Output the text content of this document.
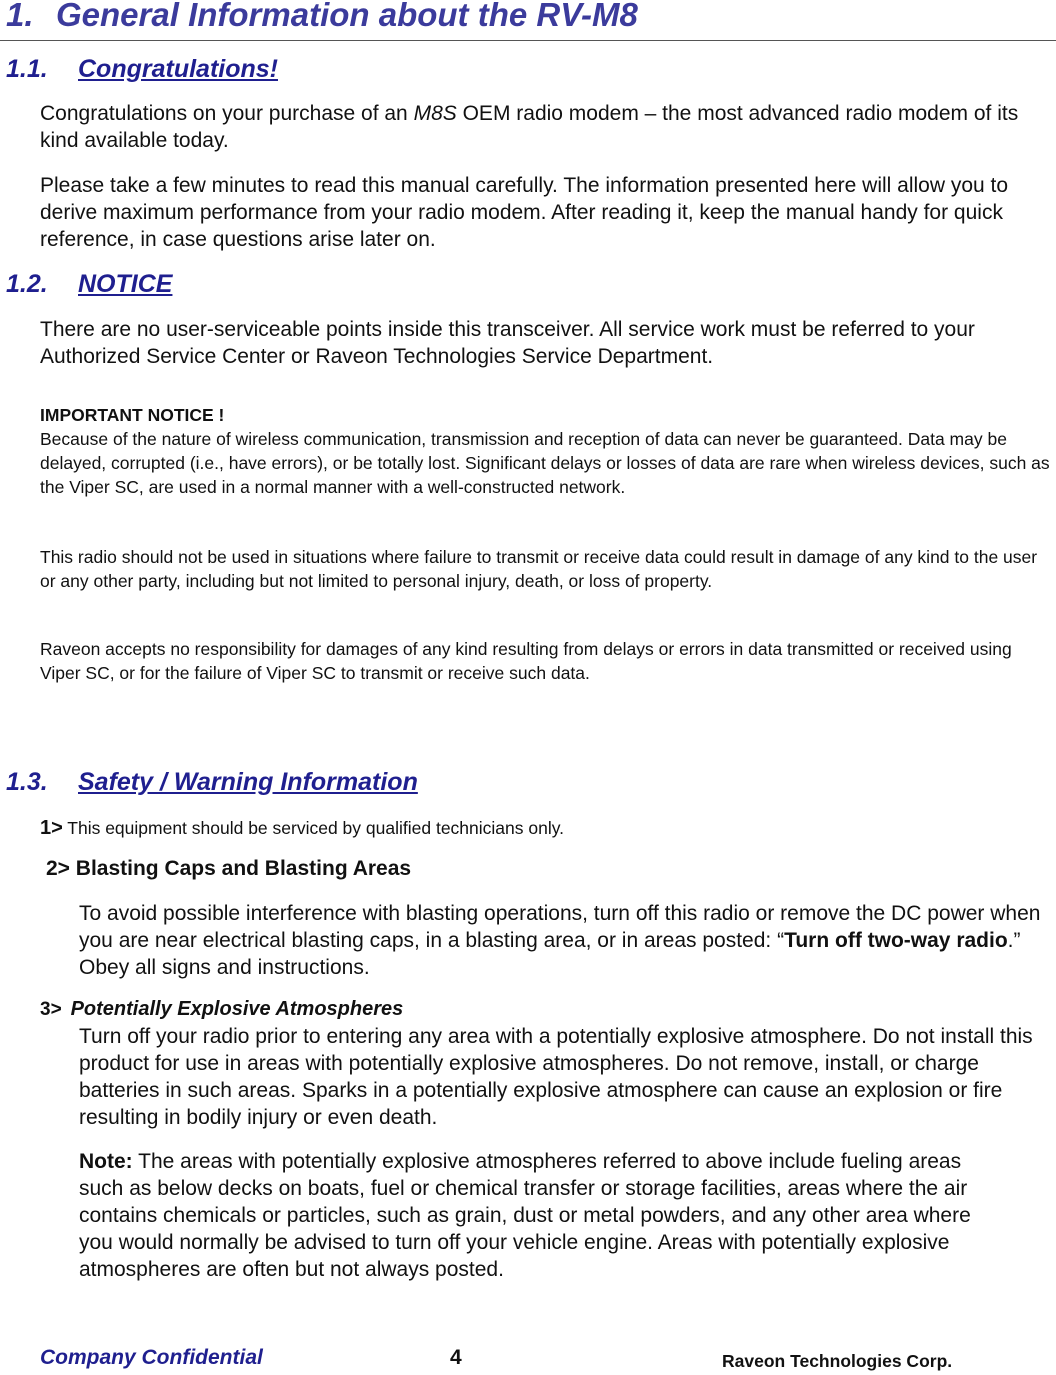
1. General Information about the RV-M8
1.1. Congratulations!

Congratulations on your purchase of an M8S OEM radio modem – the most advanced radio modem of its kind available today.

Please take a few minutes to read this manual carefully. The information presented here will allow you to derive maximum performance from your radio modem. After reading it, keep the manual handy for quick reference, in case questions arise later on.

1.2. NOTICE

There are no user-serviceable points inside this transceiver. All service work must be referred to your Authorized Service Center or Raveon Technologies Service Department.

IMPORTANT NOTICE !

Because of the nature of wireless communication, transmission and reception of data can never be guaranteed. Data may be delayed, corrupted (i.e., have errors), or be totally lost. Significant delays or losses of data are rare when wireless devices, such as the Viper SC, are used in a normal manner with a well-constructed network.

This radio should not be used in situations where failure to transmit or receive data could result in damage of any kind to the user or any other party, including but not limited to personal injury, death, or loss of property.

Raveon accepts no responsibility for damages of any kind resulting from delays or errors in data transmitted or received using Viper SC, or for the failure of Viper SC to transmit or receive such data.

1.3. Safety / Warning Information
1> This equipment should be serviced by qualified technicians only.
2> Blasting Caps and Blasting Areas

To avoid possible interference with blasting operations, turn off this radio or remove the DC power when you are near electrical blasting caps, in a blasting area, or in areas posted: “Turn off two-way radio.” Obey all signs and instructions.

3> Potentially Explosive Atmospheres

Turn off your radio prior to entering any area with a potentially explosive atmosphere. Do not install this product for use in areas with potentially explosive atmospheres. Do not remove, install, or charge batteries in such areas. Sparks in a potentially explosive atmosphere can cause an explosion or fire resulting in bodily injury or even death.

Note: The areas with potentially explosive atmospheres referred to above include fueling areas such as below decks on boats, fuel or chemical transfer or storage facilities, areas where the air contains chemicals or particles, such as grain, dust or metal powders, and any other area where you would normally be advised to turn off your vehicle engine. Areas with potentially explosive atmospheres are often but not always posted.

Company Confidential	4	Raveon Technologies Corp.
